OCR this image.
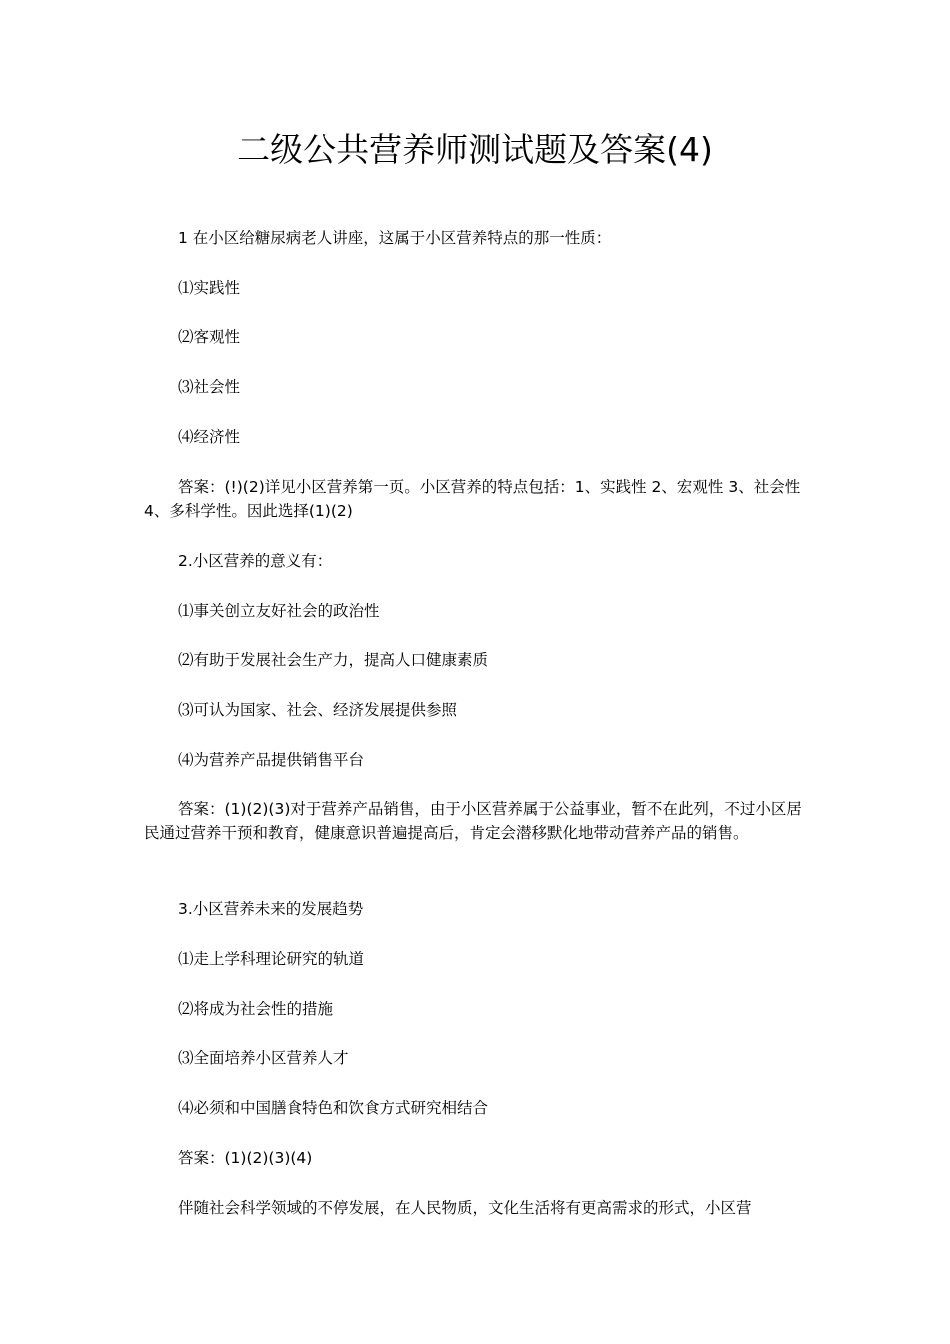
二级公共营养师测试题及答案(4)

1 在小区给糖尿病老人讲座，这属于小区营养特点的那一性质：

⑴实践性

⑵客观性

⑶社会性

⑷经济性

答案：(!)(2)详见小区营养第一页。小区营养的特点包括：1、实践性 2、宏观性 3、社会性 4、多科学性。因此选择(1)(2)

2.小区营养的意义有：

⑴事关创立友好社会的政治性

⑵有助于发展社会生产力，提高人口健康素质

⑶可认为国家、社会、经济发展提供参照

⑷为营养产品提供销售平台

答案：(1)(2)(3)对于营养产品销售，由于小区营养属于公益事业，暂不在此列，不过小区居民通过营养干预和教育，健康意识普遍提高后，肯定会潜移默化地带动营养产品的销售。

3.小区营养未来的发展趋势

⑴走上学科理论研究的轨道

⑵将成为社会性的措施

⑶全面培养小区营养人才

⑷必须和中国膳食特色和饮食方式研究相结合

答案：(1)(2)(3)(4)

伴随社会科学领域的不停发展，在人民物质，文化生活将有更高需求的形式，小区营
